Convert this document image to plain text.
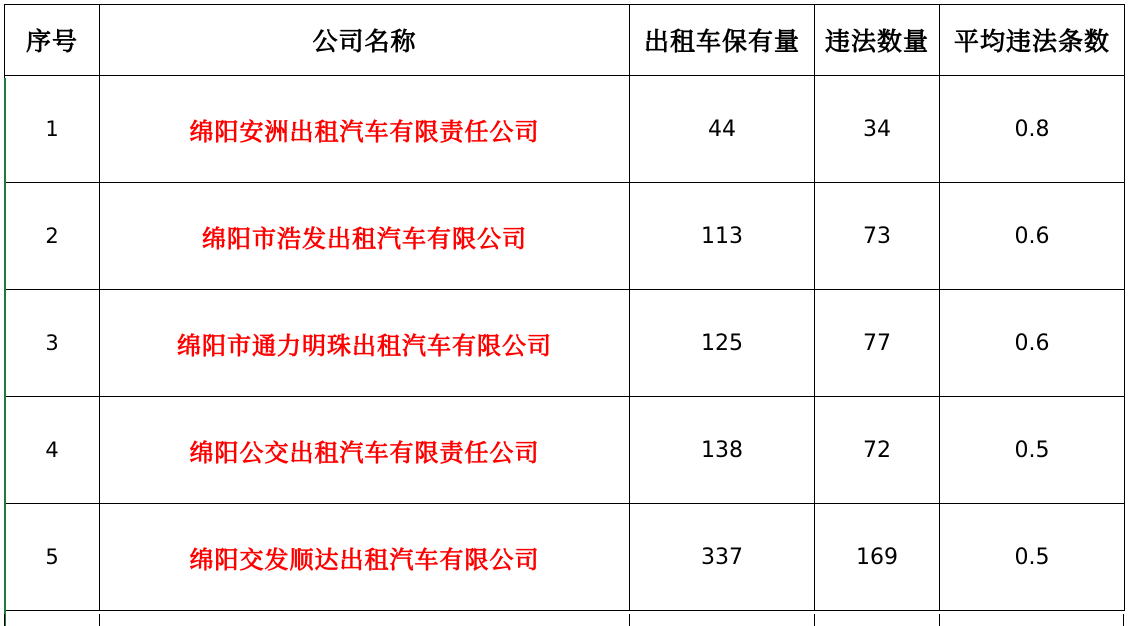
序号	公司名称	出租车保有量	违法数量	平均违法条数
1	绵阳安洲出租汽车有限责任公司	44	34	0.8
2	绵阳市浩发出租汽车有限公司	113	73	0.6
3	绵阳市通力明珠出租汽车有限公司	125	77	0.6
4	绵阳公交出租汽车有限责任公司	138	72	0.5
5	绵阳交发顺达出租汽车有限公司	337	169	0.5
